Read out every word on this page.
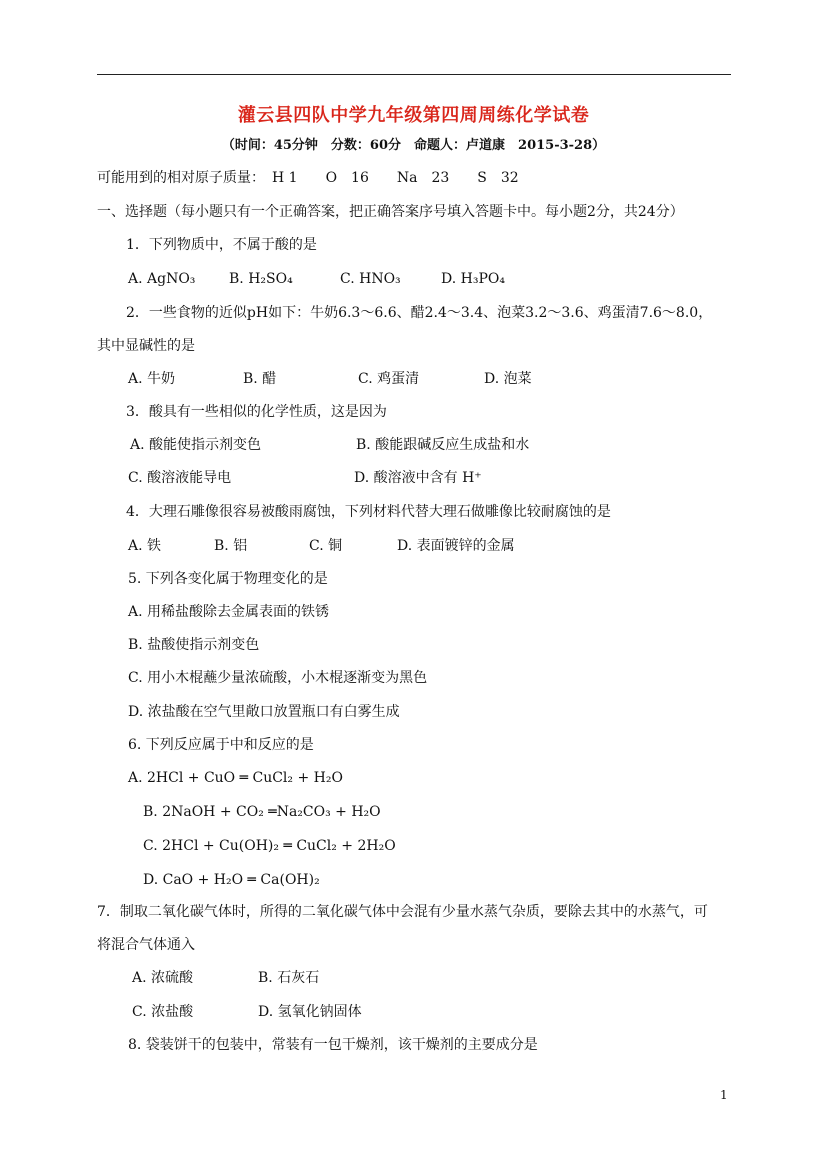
灌云县四队中学九年级第四周周练化学试卷
（时间：45分钟　分数：60分　命题人：卢道康　2015-3-28）
可能用到的相对原子质量：　H 1　　O　16　　Na　23　　S　32
一、选择题（每小题只有一个正确答案，把正确答案序号填入答题卡中。每小题2分，共24分）
1．下列物质中，不属于酸的是
A. AgNO₃ B. H₂SO₄	C. HNO₃	D. H₃PO₄
2．一些食物的近似pH如下：牛奶6.3～6.6、醋2.4～3.4、泡菜3.2～3.6、鸡蛋清7.6～8.0，
其中显碱性的是
A. 牛奶	B. 醋	C. 鸡蛋清	D. 泡菜
3．酸具有一些相似的化学性质，这是因为
A. 酸能使指示剂变色	B. 酸能跟碱反应生成盐和水
C. 酸溶液能导电	D. 酸溶液中含有 H⁺
4．大理石雕像很容易被酸雨腐蚀，下列材料代替大理石做雕像比较耐腐蚀的是
A. 铁	B. 铝	C. 铜	D. 表面镀锌的金属
5. 下列各变化属于物理变化的是
A. 用稀盐酸除去金属表面的铁锈
B. 盐酸使指示剂变色
C. 用小木棍蘸少量浓硫酸，小木棍逐渐变为黑色
D. 浓盐酸在空气里敞口放置瓶口有白雾生成
6. 下列反应属于中和反应的是
A. 2HCl + CuO ═ CuCl₂ + H₂O
B. 2NaOH + CO₂ ═Na₂CO₃ + H₂O
C. 2HCl + Cu(OH)₂ ═ CuCl₂ + 2H₂O
D. CaO + H₂O ═ Ca(OH)₂
7．制取二氧化碳气体时，所得的二氧化碳气体中会混有少量水蒸气杂质，要除去其中的水蒸气，可
将混合气体通入
A. 浓硫酸	B. 石灰石
C. 浓盐酸	D. 氢氧化钠固体
8. 袋装饼干的包装中，常装有一包干燥剂，该干燥剂的主要成分是
1
